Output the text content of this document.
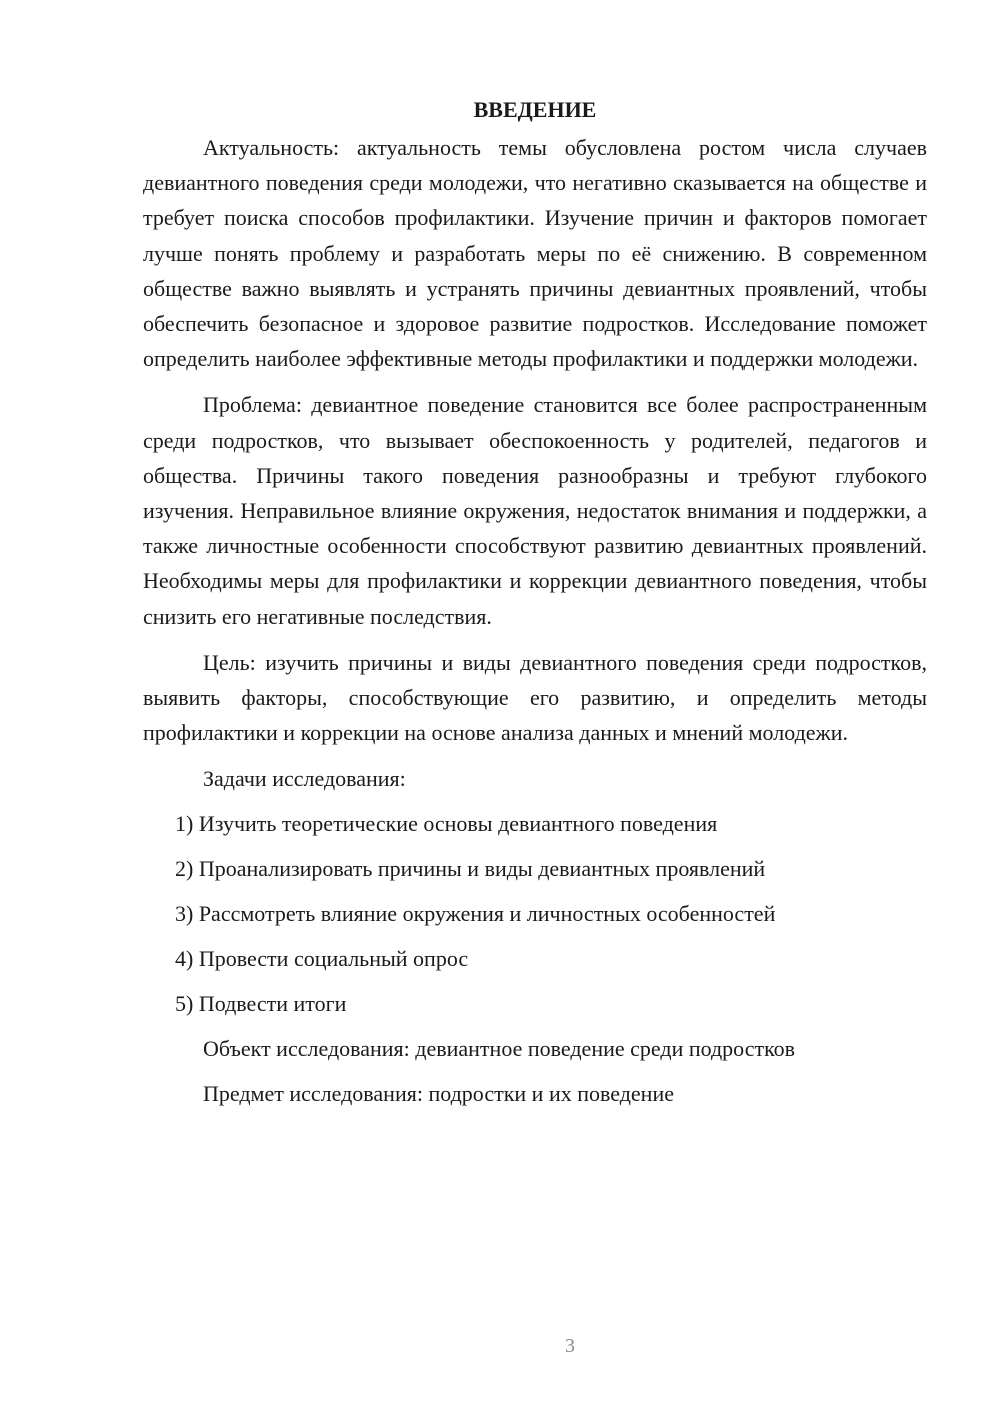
ВВЕДЕНИЕ

Актуальность: актуальность темы обусловлена ростом числа случаев девиантного поведения среди молодежи, что негативно сказывается на обществе и требует поиска способов профилактики. Изучение причин и факторов помогает лучше понять проблему и разработать меры по её снижению. В современном обществе важно выявлять и устранять причины девиантных проявлений, чтобы обеспечить безопасное и здоровое развитие подростков. Исследование поможет определить наиболее эффективные методы профилактики и поддержки молодежи.

Проблема: девиантное поведение становится все более распространенным среди подростков, что вызывает обеспокоенность у родителей, педагогов и общества. Причины такого поведения разнообразны и требуют глубокого изучения. Неправильное влияние окружения, недостаток внимания и поддержки, а также личностные особенности способствуют развитию девиантных проявлений. Необходимы меры для профилактики и коррекции девиантного поведения, чтобы снизить его негативные последствия.

Цель: изучить причины и виды девиантного поведения среди подростков, выявить факторы, способствующие его развитию, и определить методы профилактики и коррекции на основе анализа данных и мнений молодежи.

Задачи исследования:

1) Изучить теоретические основы девиантного поведения
2) Проанализировать причины и виды девиантных проявлений
3) Рассмотреть влияние окружения и личностных особенностей
4) Провести социальный опрос
5) Подвести итоги

Объект исследования: девиантное поведение среди подростков

Предмет исследования: подростки и их поведение

3
